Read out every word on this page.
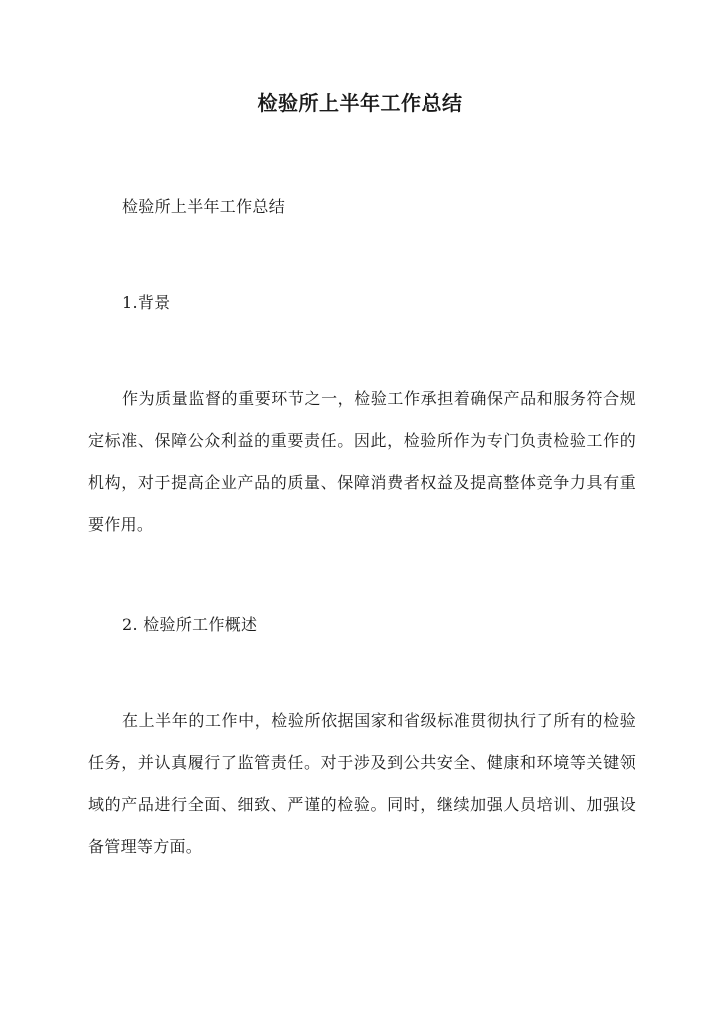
检验所上半年工作总结

检验所上半年工作总结

1.背景

作为质量监督的重要环节之一，检验工作承担着确保产品和服务符合规定标准、保障公众利益的重要责任。因此，检验所作为专门负责检验工作的机构，对于提高企业产品的质量、保障消费者权益及提高整体竞争力具有重要作用。

2. 检验所工作概述

在上半年的工作中，检验所依据国家和省级标准贯彻执行了所有的检验任务，并认真履行了监管责任。对于涉及到公共安全、健康和环境等关键领域的产品进行全面、细致、严谨的检验。同时，继续加强人员培训、加强设备管理等方面。
